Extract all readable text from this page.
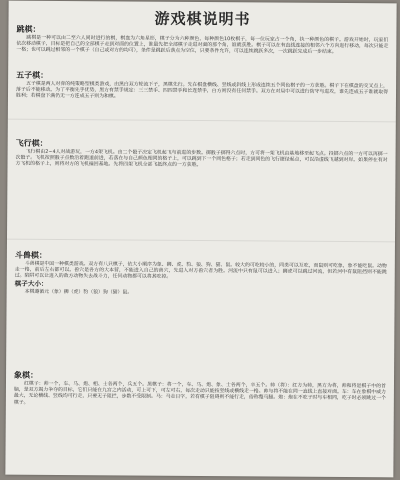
游戏棋说明书
跳棋：
跳棋是一种可以由二至六人同时进行的棋，棋盘为六角星形，棋子分为六种颜色，每种颜色10枚棋子，每一位玩家占一个角，执一种颜色的棋子。游戏开始时，玩家们依次移动棋子，目标是把自己的全部棋子走到对面的位置上，谁最先把全部棋子走进对面的那个角，谁就获胜。棋子可以在有直线连接的相邻六个方向进行移动，每次只能走一格；也可以跳过相邻的一个棋子（自己或对方的均可），条件是跳跃后落点为空位，只要条件允许，可以连续跳跃多次，一次跳跃完成后一步结束。
五子棋：
五子棋是两人对弈的纯策略型棋类游戏，由黑白双方轮流下子，黑棋先行。先在棋盘横线、竖线或斜线上形成连续五个同色棋子的一方获胜。棋子下在棋盘的交叉点上，落子后不能移动。为了平衡先手优势，黑方有禁手规定：三三禁手、四四禁手和长连禁手，白方则没有任何禁手。双方在对局中可以进行防守与进攻，谁先连成五子谁就取得胜利；若棋盘下满仍无一方连成五子则为和棋。
飞行棋：
飞行棋由2~4人对战游玩，一方4架飞机。由二个骰子决定飞机起飞与前进的步数。掷骰子掷得六点时，方可将一架飞机由基地移至起飞点。投掷六点的一方可以再掷一次骰子。飞机按照骰子点数沿着跑道前进，若落在与自己颜色相同的格子上，可以跳到下一个同色格子；若走到同色的飞行捷径起点，可以沿虚线飞越到对岸。如果停在有对方飞机的格子上，则将对方的飞机撞回基地。先将四架飞机全部飞抵终点的一方获胜。
斗兽棋：
斗兽棋是中国一种棋类游戏。双方有八只棋子，依大小顺序为象、狮、虎、豹、狼、狗、猫、鼠。较大的可吃较小的，同类可以互吃，而鼠则可吃象，象不能吃鼠。动物走一格，前后左右都可以。兽穴是各方的大本营，不能进入自己的兽穴，先进入对方兽穴者为胜。河流中只有鼠可以进入；狮虎可以跳过河流，但若河中有鼠阻挡则不能跳过。陷阱可以让进入的敌方动物失去战斗力，任何动物都可以将其吃掉。
棋子大小：
本棋遵循元（象）狮（虎）豹（狼）狗（猫）鼠。
象棋：
红棋子：帅一个，车、马、炮、相、士各两个，兵五个。黑棋子：将一个，车、马、炮、象、士各两个，卒五个。帅（将）：红方为帅，黑方为将，帅和将是棋子中的首脑，是双方竭力争夺的目标，它们只能在九宫之内活动，可上可下，可左可右，每次走动只能按竖线或横线走一格。帅与将不能在同一直线上直接对面。车：车在象棋中威力最大，无论横线、竖线均可行走，只要无子阻拦，步数不受限制。马：马走日字，若有棋子阻碍则不能行走，俗称蹩马腿。炮：炮在不吃子时与车相同，吃子时必须跳过一个棋子。
